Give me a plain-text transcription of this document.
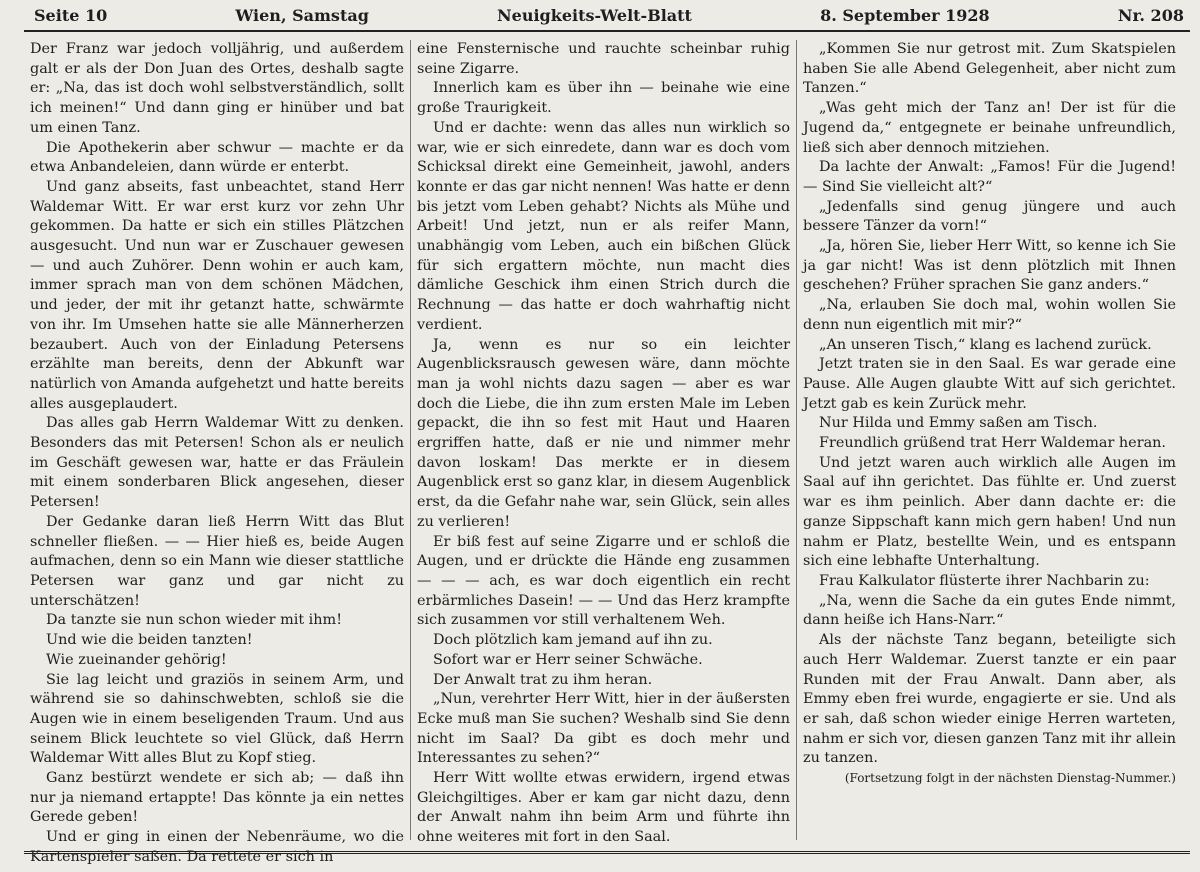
Seite 10	Wien, Samstag	Neuigkeits-Welt-Blatt	8. September 1928	Nr. 208

Der Franz war jedoch volljährig, und außerdem galt er als der Don Juan des Ortes, deshalb sagte er: „Na, das ist doch wohl selbstverständlich, sollt ich meinen!“ Und dann ging er hinüber und bat um einen Tanz.

Die Apothekerin aber schwur — machte er da etwa Anbandeleien, dann würde er enterbt.

Und ganz abseits, fast unbeachtet, stand Herr Waldemar Witt. Er war erst kurz vor zehn Uhr gekommen. Da hatte er sich ein stilles Plätzchen ausgesucht. Und nun war er Zuschauer gewesen — und auch Zuhörer. Denn wohin er auch kam, immer sprach man von dem schönen Mädchen, und jeder, der mit ihr getanzt hatte, schwärmte von ihr. Im Umsehen hatte sie alle Männerherzen bezaubert. Auch von der Einladung Petersens erzählte man bereits, denn der Abkunft war natürlich von Amanda aufgehetzt und hatte bereits alles ausgeplaudert.

Das alles gab Herrn Waldemar Witt zu denken. Besonders das mit Petersen! Schon als er neulich im Geschäft gewesen war, hatte er das Fräulein mit einem sonderbaren Blick angesehen, dieser Petersen!

Der Gedanke daran ließ Herrn Witt das Blut schneller fließen. — — Hier hieß es, beide Augen aufmachen, denn so ein Mann wie dieser stattliche Petersen war ganz und gar nicht zu unterschätzen!

Da tanzte sie nun schon wieder mit ihm!

Und wie die beiden tanzten!

Wie zueinander gehörig!

Sie lag leicht und graziös in seinem Arm, und während sie so dahinschwebten, schloß sie die Augen wie in einem beseligenden Traum. Und aus seinem Blick leuchtete so viel Glück, daß Herrn Waldemar Witt alles Blut zu Kopf stieg.

Ganz bestürzt wendete er sich ab; — daß ihn nur ja niemand ertappte! Das könnte ja ein nettes Gerede geben!

Und er ging in einen der Nebenräume, wo die Kartenspieler saßen. Da rettete er sich in

eine Fensternische und rauchte scheinbar ruhig seine Zigarre.

Innerlich kam es über ihn — beinahe wie eine große Traurigkeit.

Und er dachte: wenn das alles nun wirklich so war, wie er sich einredete, dann war es doch vom Schicksal direkt eine Gemeinheit, jawohl, anders konnte er das gar nicht nennen! Was hatte er denn bis jetzt vom Leben gehabt? Nichts als Mühe und Arbeit! Und jetzt, nun er als reifer Mann, unabhängig vom Leben, auch ein bißchen Glück für sich ergattern möchte, nun macht dies dämliche Geschick ihm einen Strich durch die Rechnung — das hatte er doch wahrhaftig nicht verdient.

Ja, wenn es nur so ein leichter Augenblicksrausch gewesen wäre, dann möchte man ja wohl nichts dazu sagen — aber es war doch die Liebe, die ihn zum ersten Male im Leben gepackt, die ihn so fest mit Haut und Haaren ergriffen hatte, daß er nie und nimmer mehr davon loskam! Das merkte er in diesem Augenblick erst so ganz klar, in diesem Augenblick erst, da die Gefahr nahe war, sein Glück, sein alles zu verlieren!

Er biß fest auf seine Zigarre und er schloß die Augen, und er drückte die Hände eng zusammen — — — ach, es war doch eigentlich ein recht erbärmliches Dasein! — — Und das Herz krampfte sich zusammen vor still verhaltenem Weh.

Doch plötzlich kam jemand auf ihn zu.

Sofort war er Herr seiner Schwäche.

Der Anwalt trat zu ihm heran.

„Nun, verehrter Herr Witt, hier in der äußersten Ecke muß man Sie suchen? Weshalb sind Sie denn nicht im Saal? Da gibt es doch mehr und Interessantes zu sehen?“

Herr Witt wollte etwas erwidern, irgend etwas Gleichgiltiges. Aber er kam gar nicht dazu, denn der Anwalt nahm ihn beim Arm und führte ihn ohne weiteres mit fort in den Saal.

„Kommen Sie nur getrost mit. Zum Skatspielen haben Sie alle Abend Gelegenheit, aber nicht zum Tanzen.“

„Was geht mich der Tanz an! Der ist für die Jugend da,“ entgegnete er beinahe unfreundlich, ließ sich aber dennoch mitziehen.

Da lachte der Anwalt: „Famos! Für die Jugend! — Sind Sie vielleicht alt?“

„Jedenfalls sind genug jüngere und auch bessere Tänzer da vorn!“

„Ja, hören Sie, lieber Herr Witt, so kenne ich Sie ja gar nicht! Was ist denn plötzlich mit Ihnen geschehen? Früher sprachen Sie ganz anders.“

„Na, erlauben Sie doch mal, wohin wollen Sie denn nun eigentlich mit mir?“

„An unseren Tisch,“ klang es lachend zurück.

Jetzt traten sie in den Saal. Es war gerade eine Pause. Alle Augen glaubte Witt auf sich gerichtet. Jetzt gab es kein Zurück mehr.

Nur Hilda und Emmy saßen am Tisch.

Freundlich grüßend trat Herr Waldemar heran.

Und jetzt waren auch wirklich alle Augen im Saal auf ihn gerichtet. Das fühlte er. Und zuerst war es ihm peinlich. Aber dann dachte er: die ganze Sippschaft kann mich gern haben! Und nun nahm er Platz, bestellte Wein, und es entspann sich eine lebhafte Unterhaltung.

Frau Kalkulator flüsterte ihrer Nachbarin zu:

„Na, wenn die Sache da ein gutes Ende nimmt, dann heiße ich Hans-Narr.“

Als der nächste Tanz begann, beteiligte sich auch Herr Waldemar. Zuerst tanzte er ein paar Runden mit der Frau Anwalt. Dann aber, als Emmy eben frei wurde, engagierte er sie. Und als er sah, daß schon wieder einige Herren warteten, nahm er sich vor, diesen ganzen Tanz mit ihr allein zu tanzen.

(Fortsetzung folgt in der nächsten Dienstag-Nummer.)
